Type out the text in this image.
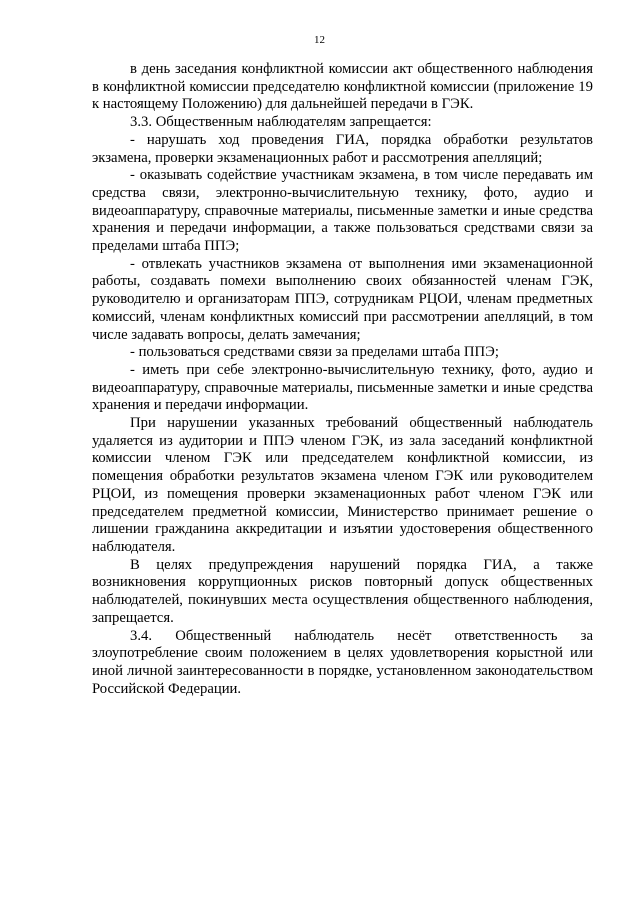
12

в день заседания конфликтной комиссии акт общественного наблюдения в конфликтной комиссии председателю конфликтной комиссии (приложение 19 к настоящему Положению) для дальнейшей передачи в ГЭК.

3.3. Общественным наблюдателям запрещается:

- нарушать ход проведения ГИА, порядка обработки результатов экзамена, проверки экзаменационных работ и рассмотрения апелляций;

- оказывать содействие участникам экзамена, в том числе передавать им средства связи, электронно-вычислительную технику, фото, аудио и видеоаппаратуру, справочные материалы, письменные заметки и иные средства хранения и передачи информации, а также пользоваться средствами связи за пределами штаба ППЭ;

- отвлекать участников экзамена от выполнения ими экзаменационной работы, создавать помехи выполнению своих обязанностей членам ГЭК, руководителю и организаторам ППЭ, сотрудникам РЦОИ, членам предметных комиссий, членам конфликтных комиссий при рассмотрении апелляций, в том числе задавать вопросы, делать замечания;

- пользоваться средствами связи за пределами штаба ППЭ;

- иметь при себе электронно-вычислительную технику, фото, аудио и видеоаппаратуру, справочные материалы, письменные заметки и иные средства хранения и передачи информации.

При нарушении указанных требований общественный наблюдатель удаляется из аудитории и ППЭ членом ГЭК, из зала заседаний конфликтной комиссии членом ГЭК или председателем конфликтной комиссии, из помещения обработки результатов экзамена членом ГЭК или руководителем РЦОИ, из помещения проверки экзаменационных работ членом ГЭК или председателем предметной комиссии, Министерство принимает решение о лишении гражданина аккредитации и изъятии удостоверения общественного наблюдателя.

В целях предупреждения нарушений порядка ГИА, а также возникновения коррупционных рисков повторный допуск общественных наблюдателей, покинувших места осуществления общественного наблюдения, запрещается.

3.4. Общественный наблюдатель несёт ответственность за злоупотребление своим положением в целях удовлетворения корыстной или иной личной заинтересованности в порядке, установленном законодательством Российской Федерации.
